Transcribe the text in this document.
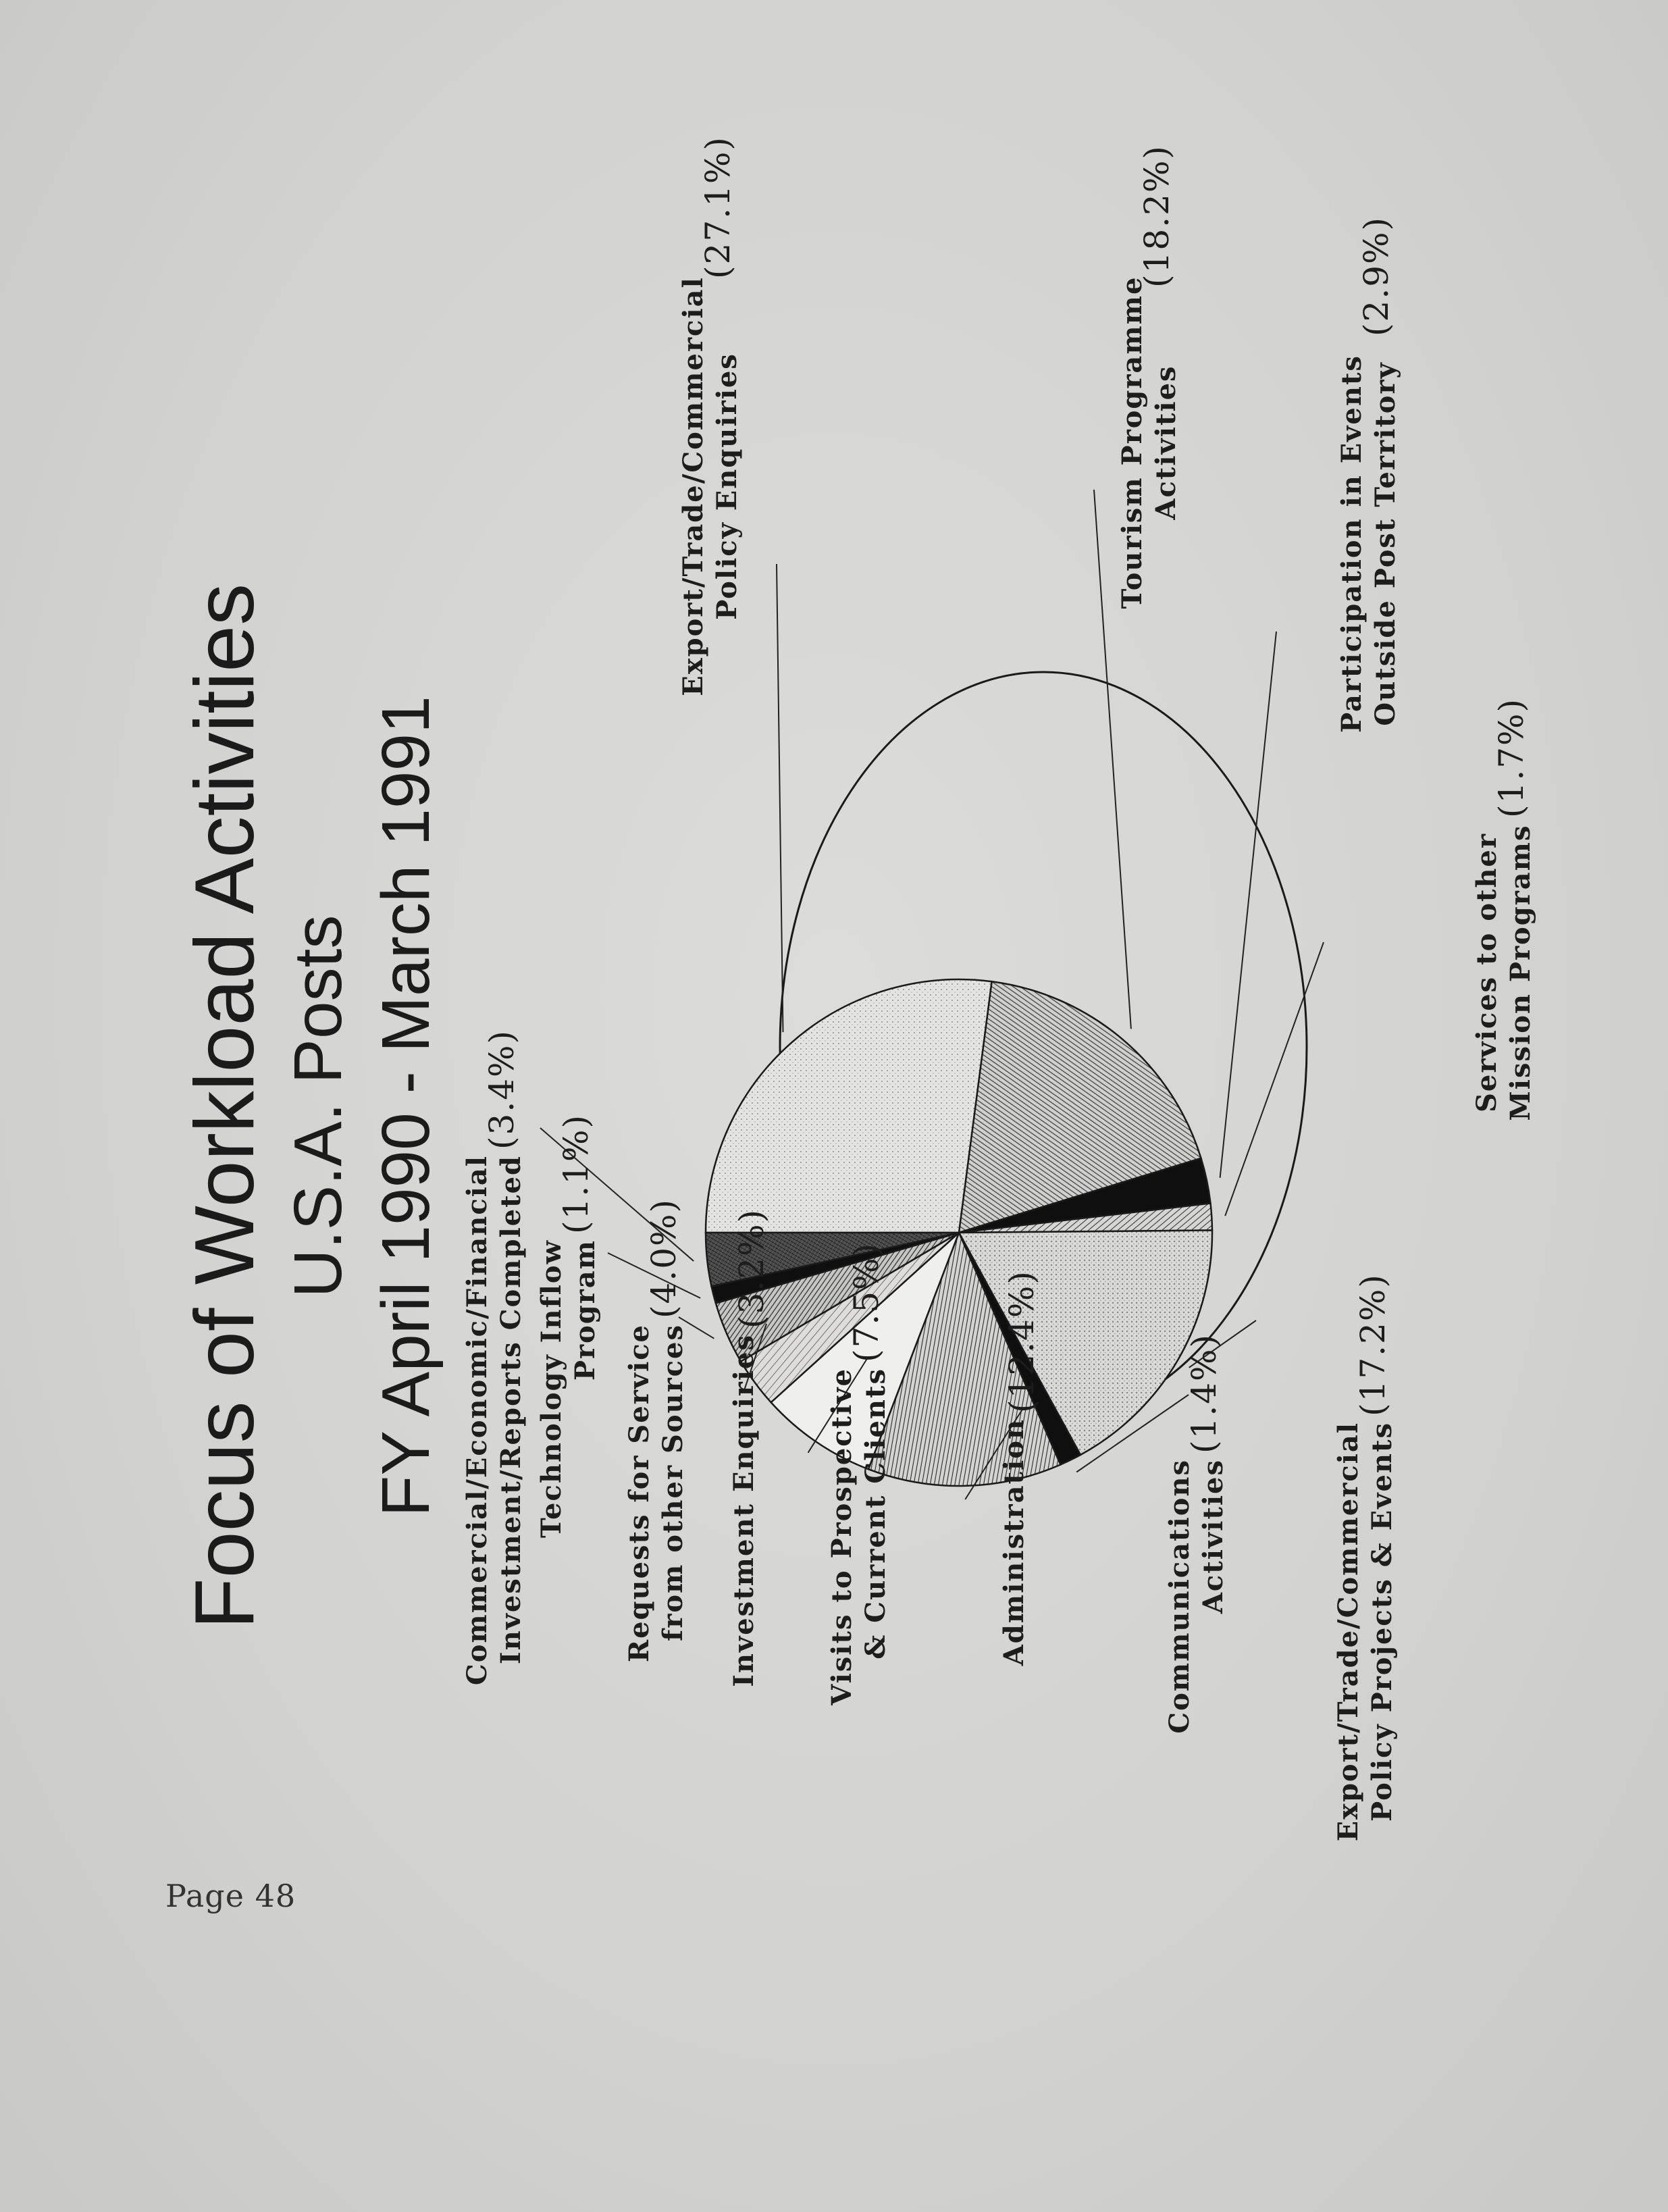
Focus of Workload Activities U.S.A. Posts FY April 1990 - March 1991
Export/Trade/Commercial Policy Enquiries
(27.1%)
Tourism Programme Activities
(18.2%)
Participation in Events Outside Post Territory
(2.9%)
Services to other Mission Programs
(1.7%)
Export/Trade/Commercial Policy Projects & Events
(17.2%)
Communications Activities
(1.4%)
Administration
(12.4%)
Visits to Prospective & Current Clients
(7.5%)
Investment Enquiries
(3.2%)
Requests for Service from other Sources
(4.0%)
Technology Inflow Program
(1.1%)
Commercial/Economic/Financial Investment/Reports Completed
(3.4%)
Page 48
